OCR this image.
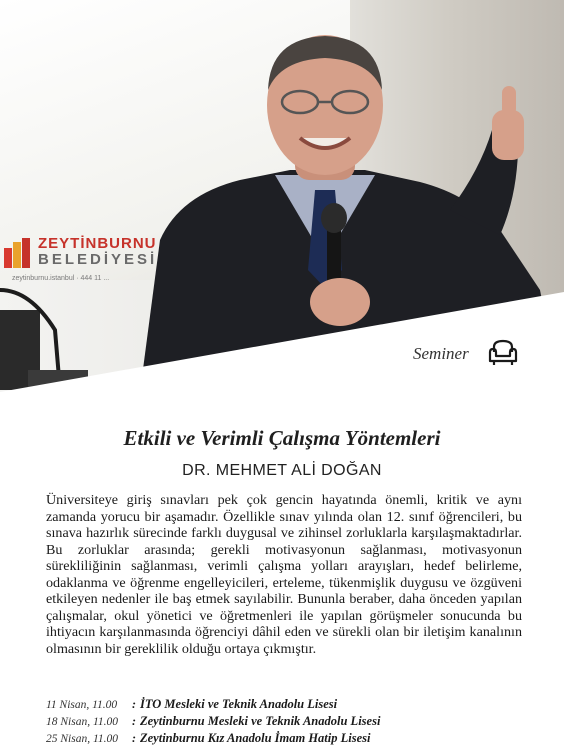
ZEYTİNBURNU
BELEDİYESİ
zeytinburnu.istanbul · 444 11 ...
Seminer
Etkili ve Verimli Çalışma Yöntemleri
DR. MEHMET ALİ DOĞAN
Üniversiteye giriş sınavları pek çok gencin hayatında önemli, kritik ve aynı zamanda yorucu bir aşamadır. Özellikle sınav yılında olan 12. sınıf öğrencileri, bu sınava hazırlık sürecinde farklı duygusal ve zihinsel zorluklarla karşılaşmaktadırlar. Bu zorluklar arasında; gerekli motivasyonun sağlanması, motivasyonun sürekliliğinin sağlanması, verimli çalışma yolları arayışları, hedef belirleme, odaklanma ve öğrenme engelleyicileri, erteleme, tükenmişlik duygusu ve özgüveni etkileyen nedenler ile baş etmek sayılabilir. Bununla beraber, daha önceden yapılan çalışmalar, okul yönetici ve öğretmenleri ile yapılan görüşmeler sonucunda bu ihtiyacın karşılanmasında öğrenciyi dâhil eden ve sürekli olan bir iletişim kanalının olmasının bir gereklilik olduğu ortaya çıkmıştır.
11 Nisan, 11.00 : İTO Mesleki ve Teknik Anadolu Lisesi
18 Nisan, 11.00 : Zeytinburnu Mesleki ve Teknik Anadolu Lisesi
25 Nisan, 11.00 : Zeytinburnu Kız Anadolu İmam Hatip Lisesi
